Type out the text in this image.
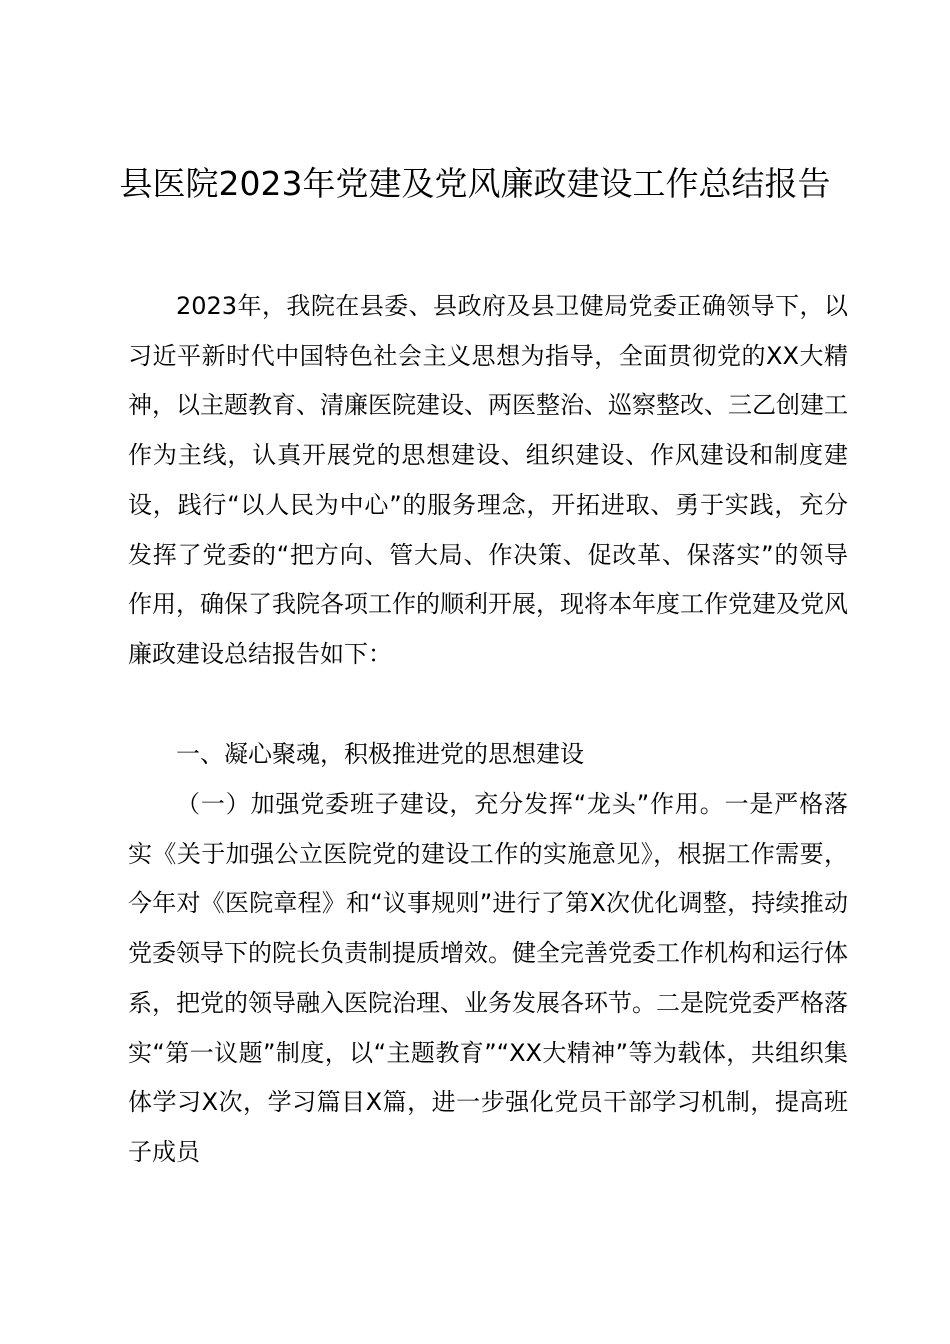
县医院2023年党建及党风廉政建设工作总结报告

2023年，我院在县委、县政府及县卫健局党委正确领导下，以习近平新时代中国特色社会主义思想为指导，全面贯彻党的XX大精神，以主题教育、清廉医院建设、两医整治、巡察整改、三乙创建工作为主线，认真开展党的思想建设、组织建设、作风建设和制度建设，践行“以人民为中心”的服务理念，开拓进取、勇于实践，充分发挥了党委的“把方向、管大局、作决策、促改革、保落实”的领导作用，确保了我院各项工作的顺利开展，现将本年度工作党建及党风廉政建设总结报告如下：

一、凝心聚魂，积极推进党的思想建设

（一）加强党委班子建设，充分发挥“龙头”作用。一是严格落实《关于加强公立医院党的建设工作的实施意见》，根据工作需要，今年对《医院章程》和“议事规则”进行了第X次优化调整，持续推动党委领导下的院长负责制提质增效。健全完善党委工作机构和运行体系，把党的领导融入医院治理、业务发展各环节。二是院党委严格落实“第一议题”制度，以“主题教育”“XX大精神”等为载体，共组织集体学习X次，学习篇目X篇，进一步强化党员干部学习机制，提高班子成员
